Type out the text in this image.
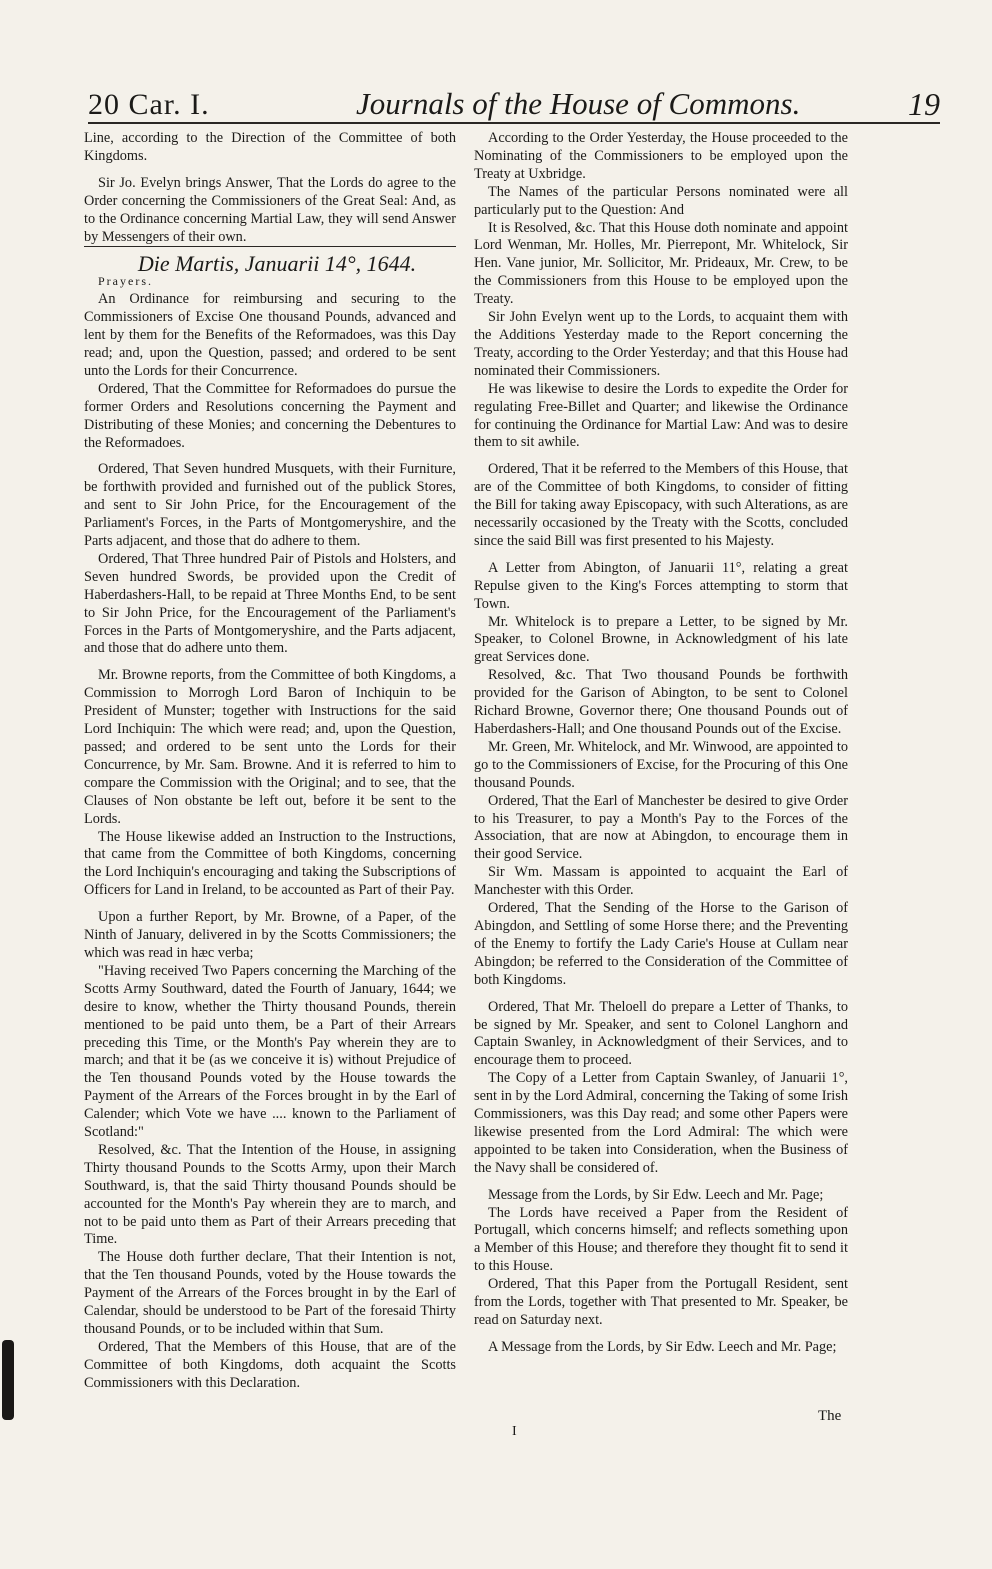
20 Car. I.	Journals of the House of Commons.	19

Line, according to the Direction of the Committee of both Kingdoms.

Sir Jo. Evelyn brings Answer, That the Lords do agree to the Order concerning the Commissioners of the Great Seal: And, as to the Ordinance concerning Martial Law, they will send Answer by Messengers of their own.

Die Martis, Januarii 14°, 1644.

Prayers.

An Ordinance for reimbursing and securing to the Commissioners of Excise One thousand Pounds, advanced and lent by them for the Benefits of the Reformadoes, was this Day read; and, upon the Question, passed; and ordered to be sent unto the Lords for their Concurrence.

Ordered, That the Committee for Reformadoes do pursue the former Orders and Resolutions concerning the Payment and Distributing of these Monies; and concerning the Debentures to the Reformadoes.

Ordered, That Seven hundred Musquets, with their Furniture, be forthwith provided and furnished out of the publick Stores, and sent to Sir John Price, for the Encouragement of the Parliament's Forces, in the Parts of Montgomeryshire, and the Parts adjacent, and those that do adhere to them.

Ordered, That Three hundred Pair of Pistols and Holsters, and Seven hundred Swords, be provided upon the Credit of Haberdashers-Hall, to be repaid at Three Months End, to be sent to Sir John Price, for the Encouragement of the Parliament's Forces in the Parts of Montgomeryshire, and the Parts adjacent, and those that do adhere unto them.

Mr. Browne reports, from the Committee of both Kingdoms, a Commission to Morrogh Lord Baron of Inchiquin to be President of Munster; together with Instructions for the said Lord Inchiquin: The which were read; and, upon the Question, passed; and ordered to be sent unto the Lords for their Concurrence, by Mr. Sam. Browne. And it is referred to him to compare the Commission with the Original; and to see, that the Clauses of Non obstante be left out, before it be sent to the Lords.

The House likewise added an Instruction to the Instructions, that came from the Committee of both Kingdoms, concerning the Lord Inchiquin's encouraging and taking the Subscriptions of Officers for Land in Ireland, to be accounted as Part of their Pay.

Upon a further Report, by Mr. Browne, of a Paper, of the Ninth of January, delivered in by the Scotts Commissioners; the which was read in hæc verba;

"Having received Two Papers concerning the Marching of the Scotts Army Southward, dated the Fourth of January, 1644; we desire to know, whether the Thirty thousand Pounds, therein mentioned to be paid unto them, be a Part of their Arrears preceding this Time, or the Month's Pay wherein they are to march; and that it be (as we conceive it is) without Prejudice of the Ten thousand Pounds voted by the House towards the Payment of the Arrears of the Forces brought in by the Earl of Calender; which Vote we have .... known to the Parliament of Scotland:"

Resolved, &c. That the Intention of the House, in assigning Thirty thousand Pounds to the Scotts Army, upon their March Southward, is, that the said Thirty thousand Pounds should be accounted for the Month's Pay wherein they are to march, and not to be paid unto them as Part of their Arrears preceding that Time.

The House doth further declare, That their Intention is not, that the Ten thousand Pounds, voted by the House towards the Payment of the Arrears of the Forces brought in by the Earl of Calendar, should be understood to be Part of the foresaid Thirty thousand Pounds, or to be included within that Sum.

Ordered, That the Members of this House, that are of the Committee of both Kingdoms, doth acquaint the Scotts Commissioners with this Declaration.

According to the Order Yesterday, the House proceeded to the Nominating of the Commissioners to be employed upon the Treaty at Uxbridge.

The Names of the particular Persons nominated were all particularly put to the Question: And

It is Resolved, &c. That this House doth nominate and appoint Lord Wenman, Mr. Holles, Mr. Pierrepont, Mr. Whitelock, Sir Hen. Vane junior, Mr. Sollicitor, Mr. Prideaux, Mr. Crew, to be the Commissioners from this House to be employed upon the Treaty.

Sir John Evelyn went up to the Lords, to acquaint them with the Additions Yesterday made to the Report concerning the Treaty, according to the Order Yesterday; and that this House had nominated their Commissioners.

He was likewise to desire the Lords to expedite the Order for regulating Free-Billet and Quarter; and likewise the Ordinance for continuing the Ordinance for Martial Law: And was to desire them to sit awhile.

Ordered, That it be referred to the Members of this House, that are of the Committee of both Kingdoms, to consider of fitting the Bill for taking away Episcopacy, with such Alterations, as are necessarily occasioned by the Treaty with the Scotts, concluded since the said Bill was first presented to his Majesty.

A Letter from Abington, of Januarii 11°, relating a great Repulse given to the King's Forces attempting to storm that Town.

Mr. Whitelock is to prepare a Letter, to be signed by Mr. Speaker, to Colonel Browne, in Acknowledgment of his late great Services done.

Resolved, &c. That Two thousand Pounds be forthwith provided for the Garison of Abington, to be sent to Colonel Richard Browne, Governor there; One thousand Pounds out of Haberdashers-Hall; and One thousand Pounds out of the Excise.

Mr. Green, Mr. Whitelock, and Mr. Winwood, are appointed to go to the Commissioners of Excise, for the Procuring of this One thousand Pounds.

Ordered, That the Earl of Manchester be desired to give Order to his Treasurer, to pay a Month's Pay to the Forces of the Association, that are now at Abingdon, to encourage them in their good Service.

Sir Wm. Massam is appointed to acquaint the Earl of Manchester with this Order.

Ordered, That the Sending of the Horse to the Garison of Abingdon, and Settling of some Horse there; and the Preventing of the Enemy to fortify the Lady Carie's House at Cullam near Abingdon; be referred to the Consideration of the Committee of both Kingdoms.

Ordered, That Mr. Theloell do prepare a Letter of Thanks, to be signed by Mr. Speaker, and sent to Colonel Langhorn and Captain Swanley, in Acknowledgment of their Services, and to encourage them to proceed.

The Copy of a Letter from Captain Swanley, of Januarii 1°, sent in by the Lord Admiral, concerning the Taking of some Irish Commissioners, was this Day read; and some other Papers were likewise presented from the Lord Admiral: The which were appointed to be taken into Consideration, when the Business of the Navy shall be considered of.

Message from the Lords, by Sir Edw. Leech and Mr. Page;

The Lords have received a Paper from the Resident of Portugall, which concerns himself; and reflects something upon a Member of this House; and therefore they thought fit to send it to this House.

Ordered, That this Paper from the Portugall Resident, sent from the Lords, together with That presented to Mr. Speaker, be read on Saturday next.

A Message from the Lords, by Sir Edw. Leech and Mr. Page;

I
The
